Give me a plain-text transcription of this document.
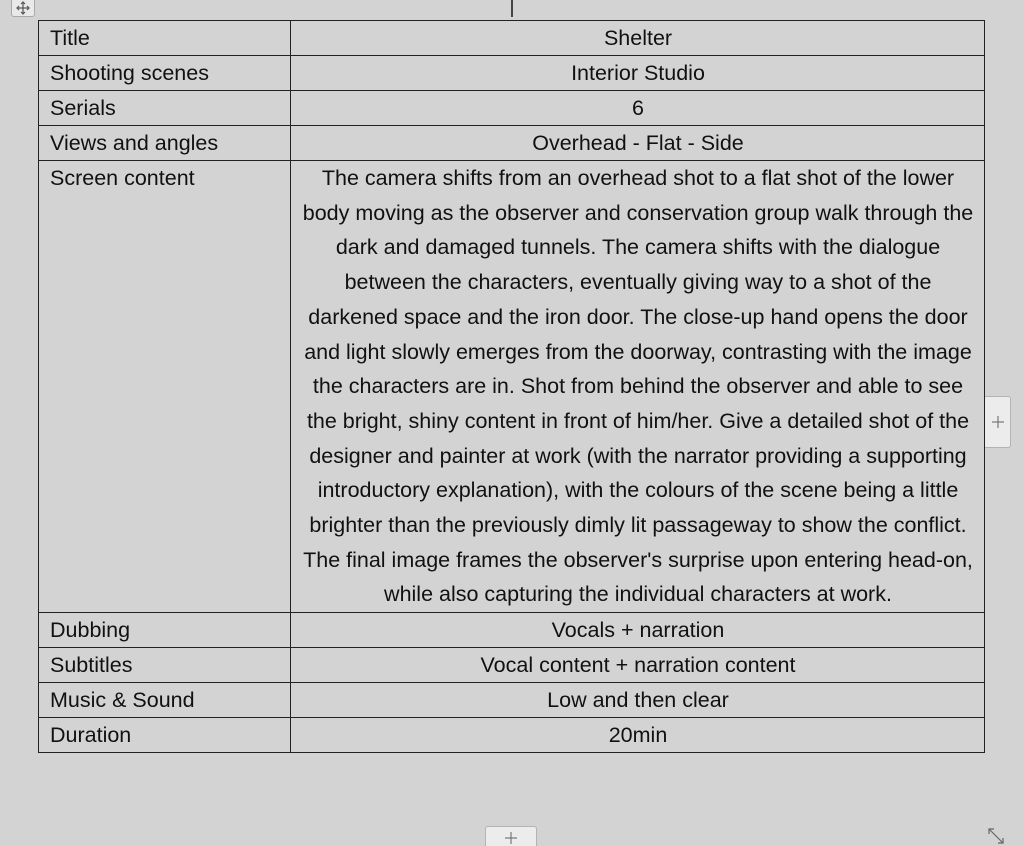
Title	Shelter
Shooting scenes	Interior Studio
Serials	6
Views and angles	Overhead - Flat - Side
Screen content	The camera shifts from an overhead shot to a flat shot of the lower body moving as the observer and conservation group walk through the dark and damaged tunnels. The camera shifts with the dialogue between the characters, eventually giving way to a shot of the darkened space and the iron door. The close-up hand opens the door and light slowly emerges from the doorway, contrasting with the image the characters are in. Shot from behind the observer and able to see the bright, shiny content in front of him/her. Give a detailed shot of the designer and painter at work (with the narrator providing a supporting introductory explanation), with the colours of the scene being a little brighter than the previously dimly lit passageway to show the conflict. The final image frames the observer's surprise upon entering head-on, while also capturing the individual characters at work.
Dubbing	Vocals + narration
Subtitles	Vocal content + narration content
Music & Sound	Low and then clear
Duration	20min
